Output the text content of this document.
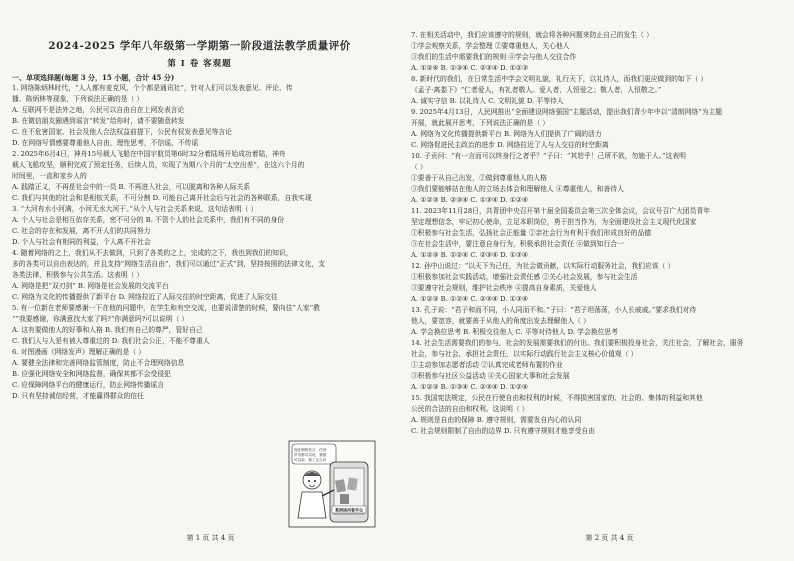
2024-2025 学年八年级第一学期第一阶段道法教学质量评价
第 I 卷 客观题
一、单项选择题(每题 3 分，15 小题，合计 45 分)
1. 网络陈炳林时代，“人人都有麦克风，个个都是通讯社”，针对人们可以发表意见、评论、传
播、陈炳林等现象，下列说法正确的是（ ）
A. 互联网不是法外之地，公民可以自由自在上网发表言论
B. 在微信朋友圈遇到谣言“转发”给你时，请不要随意转发
C. 在不危害国家、社会及他人合法权益前提下，公民有权发表意见等言论
D. 在网络写情感要尊重他人自由，理性思考，不信谣，不传谣
2. 2025年6月4日，神舟15号载人飞船在中国宇航员第6时32分着陆场开始成功着陆，神舟
载人飞船攻坚，顺利完成了预定任务，后续人员，实现了为期八个月的“太空出差”，在这六个月的
时间里，一直和家乡人的
A. 践踏正义，不再是社会中的一员 B. 不再进入社会，可以脱离和各种人际关系
C. 我们与其他的社会和是相依关系，不可分割 D. 可能自己离开社会后与社会的各种联系，自我实现
3. “大河有水小河满，小河无水大河干。”从个人与社会关系来说，这句话表明（ ）
A. 个人与社会是相互依存关系，密不可分的 B. 不管个人的社会关系中，我们有不同的身份
C. 社会的存在和发展，离不开人们的共同努力
D. 个人与社会有相同的利益，个人离不开社会
4. 随着网络的之上，我们从不去做到，只到了各类的之上，完成的之下，我也到我们的知识，
多的各类可以自由表达的，并且支持“网络生活自由”，我们可以通过“正式”到，坚持按照的法律文化，支
各类法律，积极参与公共生活。这表明（ ）
A. 网络是把“双刃剑” B. 网络是社会发展的交流平台
C. 网络为文化的传播提供了新平台 D. 网络拉近了人际交往的时空距离，促进了人际交往
5. 有一位新在老师要感谢一下在他的问题中，在学生和有空交流，也要说清楚的时候，要向往“人家“教
“”我要感谢，你满意找大家了吗?“你满意吗?可以说明（ ）
A. 这有要做他人的好事和人格 B. 我们有自己的尊严，管好自己
C. 我们人与人是有被人尊重过的 D. 我们社会公正，不能不尊重人
6. 对图漫画《网络发声》理解正确的是（ ）
A. 要健全法律和完善网络监管制度，防止不合理网络信息
B. 应强化网络安全和网络监督，确保其都不会受侵犯
C. 应保障网络平台的健康运行，防止网络传播谣言
D. 只有坚持诚信经营，才能赢得群众的信任
现在网络发言，任何
声音都可以说，我都
可以说，我了这么好
某网络问卷平台
第 1 页 共 4 页
7. 在相关活动中，我们应该遵守的规则，就会将各种问题来防止自己的发生（ ）
①学会观察关系，学会整理 ②要尊重他人，关心他人
③我们的生活中需要我们的规则 ④学会与他人交往合作
A. ①②④ B. ①③④ C. ②③④ D. ①②③
8. 新时代的我们，在日常生活中学会文明礼貌，礼行天下，以礼待人，而我们更应做到的如下（ ）
《孟子·离娄下》“仁者爱人，有礼者敬人。爱人者，人恒爱之；敬人者，人恒敬之。”
A. 诚实守信 B. 以礼待人 C. 文明礼貌 D. 平等待人
9. 2025年4月13日，人民网推出“全面建设网络强国”主题活动，提出我们青少年中以“清朗网络”为主题
开展，就此展开思考，下列说法正确的是（ ）
A. 网络为文化传播提供新平台 B. 网络为人们提供了广阔的活力
C. 网络促进民主政治的进步 D. 网络拉近了人与人交往的时空距离
10. 子贡问：“有一言而可以终身行之者乎？”子曰：“其恕乎！己所不欲，勿施于人。”这表明
（ ）
①要善于从自己出发，②做到尊重他人的人格
③我们要能够站在他人的立场去体会和理解他人 ④尊重他人，和善待人
A. ①②③ B. ②③④ C. ①③④ D. ①②④
11. 2023年11月28日，共青团中央召开第十届全国委员会第三次全体会议，会议号召广大团员青年
坚定理想信念，牢记初心使命，立足本职岗位，勇于担当作为，为全面建设社会主义现代化国家
①积极参与社会生活，弘扬社会正能量 ②亲社会行为有利于我们形成良好的品德
③在社会生活中，要注意自身行为，积极承担社会责任 ④做到知行合一
A. ①②③ B. ①②④ C. ②③④ D. ①③④
12. 孙中山说过：“以天下为己任，为社会做贡献，以实际行动服务社会，我们应该（ ）
①积极参加社会实践活动，增强社会责任感 ②关心社会发展，参与社会生活
③要遵守社会规则，维护社会秩序 ④提高自身素质，关爱他人
A. ①②③ B. ①②④ C. ②③④ D. ①③④
13. 孔子说：“君子和而不同，小人同而不和。”子曰：“君子坦荡荡，小人长戚戚。”要求我们对待
他人，要宽容，就要善于从他人的角度出发去理解他人（ ）
A. 学会换位思考 B. 积极交往他人 C. 平等对待他人 D. 学会换位思考
14. 社会生活需要我们的参与，社会的发展需要我们的付出。我们要积极投身社会，关注社会，了解社会，服务
社会，参与社会，承担社会责任，以实际行动践行社会主义核心价值观（ ）
①主动参加志愿者活动 ②认真完成老师布置的作业
③积极参与社区公益活动 ④关心国家大事和社会发展
A. ①②③ B. ①③④ C. ②③④ D. ①②④
15. 我国宪法规定，公民在行使自由和权利的时候，不得损害国家的、社会的、集体的利益和其他
公民的合法的自由和权利。这说明（ ）
A. 规则是自由的保障 B. 遵守规则，需要发自内心的认同
C. 社会规则限制了自由的边界 D. 只有遵守规则才能享受自由
第 2 页 共 4 页
